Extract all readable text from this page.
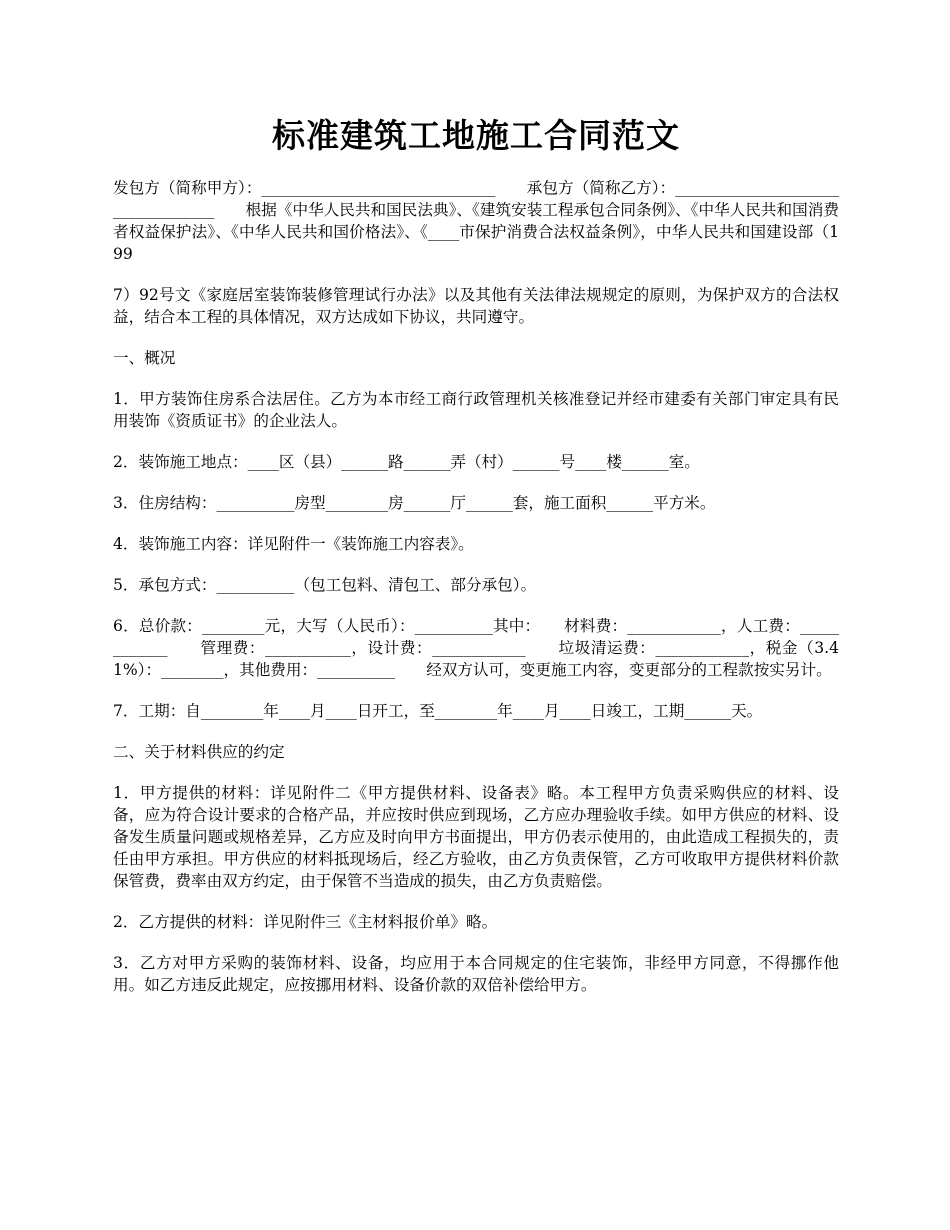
标准建筑工地施工合同范文

发包方（简称甲方）：______________________________　　承包方（简称乙方）：__________________________________　　根据《中华人民共和国民法典》、《建筑安装工程承包合同条例》、《中华人民共和国消费者权益保护法》、《中华人民共和国价格法》、《____市保护消费合法权益条例》，中华人民共和国建设部（199

7）92号文《家庭居室装饰装修管理试行办法》以及其他有关法律法规规定的原则，为保护双方的合法权益，结合本工程的具体情况，双方达成如下协议，共同遵守。

一、概况

1．甲方装饰住房系合法居住。乙方为本市经工商行政管理机关核准登记并经市建委有关部门审定具有民用装饰《资质证书》的企业法人。

2．装饰施工地点：____区（县）______路______弄（村）______号____楼______室。

3．住房结构：__________房型________房______厅______套，施工面积______平方米。

4．装饰施工内容：详见附件一《装饰施工内容表》。

5．承包方式：__________（包工包料、清包工、部分承包）。

6．总价款：________元，大写（人民币）：__________其中：　　材料费：____________，人工费：____________　　管理费：___________，设计费：____________　　垃圾清运费：____________，税金（3.41%）：________，其他费用：__________　　经双方认可，变更施工内容，变更部分的工程款按实另计。

7．工期：自________年____月____日开工，至________年____月____日竣工，工期______天。

二、关于材料供应的约定

1．甲方提供的材料：详见附件二《甲方提供材料、设备表》略。本工程甲方负责采购供应的材料、设备，应为符合设计要求的合格产品，并应按时供应到现场，乙方应办理验收手续。如甲方供应的材料、设备发生质量问题或规格差异，乙方应及时向甲方书面提出，甲方仍表示使用的，由此造成工程损失的，责任由甲方承担。甲方供应的材料抵现场后，经乙方验收，由乙方负责保管，乙方可收取甲方提供材料价款保管费，费率由双方约定，由于保管不当造成的损失，由乙方负责赔偿。

2．乙方提供的材料：详见附件三《主材料报价单》略。

3．乙方对甲方采购的装饰材料、设备，均应用于本合同规定的住宅装饰，非经甲方同意，不得挪作他用。如乙方违反此规定，应按挪用材料、设备价款的双倍补偿给甲方。
